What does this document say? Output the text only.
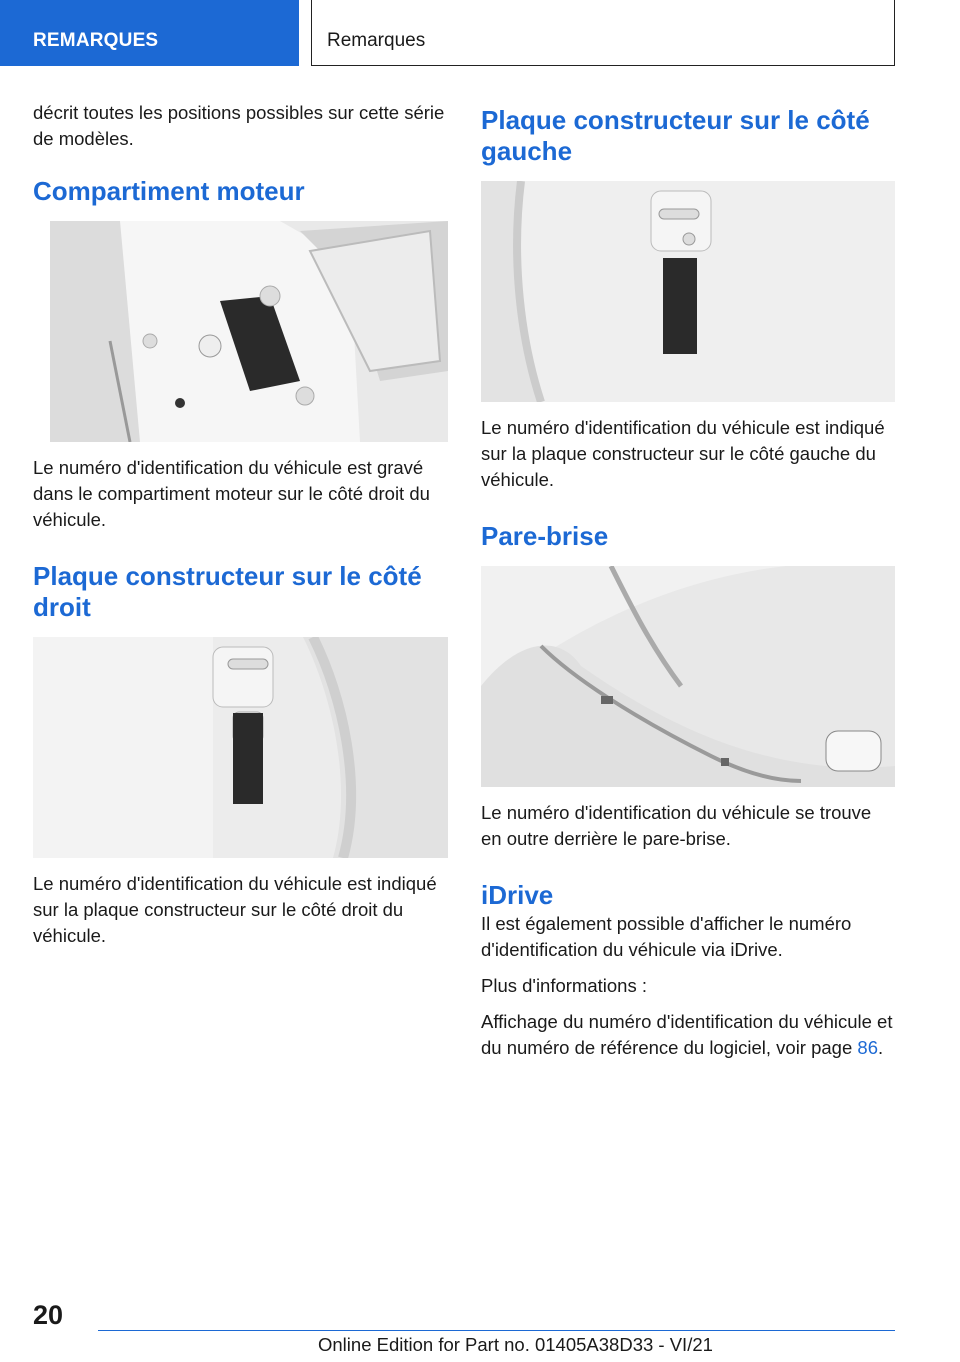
REMARQUES	Remarques

décrit toutes les positions possibles sur cette série de modèles.

Compartiment moteur

Le numéro d'identification du véhicule est gravé dans le compartiment moteur sur le côté droit du véhicule.

Plaque constructeur sur le côté droit

Le numéro d'identification du véhicule est indiqué sur la plaque constructeur sur le côté droit du véhicule.

Plaque constructeur sur le côté gauche

Le numéro d'identification du véhicule est indiqué sur la plaque constructeur sur le côté gauche du véhicule.

Pare-brise

Le numéro d'identification du véhicule se trouve en outre derrière le pare-brise.

iDrive

Il est également possible d'afficher le numéro d'identification du véhicule via iDrive.

Plus d'informations :

Affichage du numéro d'identification du véhicule et du numéro de référence du logiciel, voir page 86.

20
Online Edition for Part no. 01405A38D33 - VI/21
